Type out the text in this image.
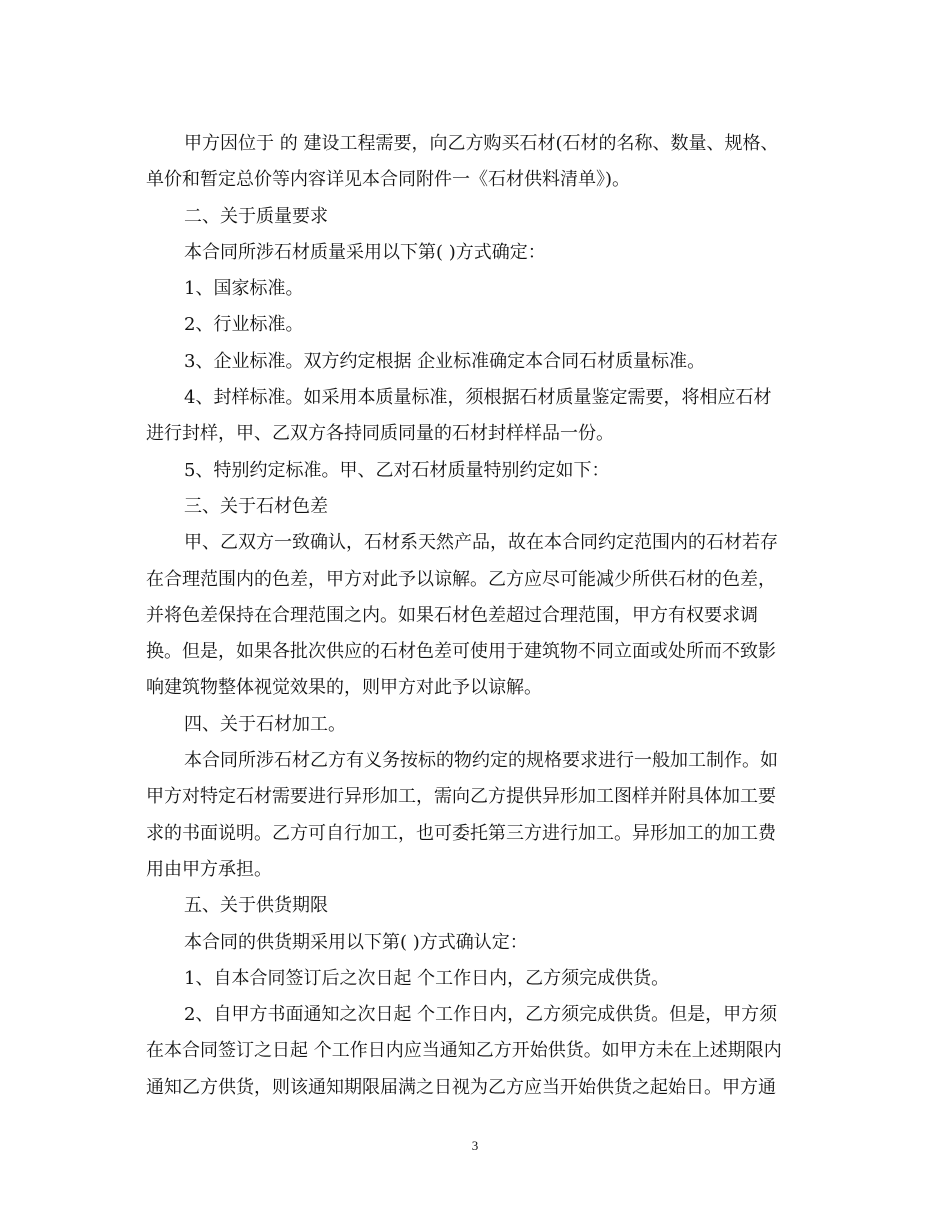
甲方因位于 的 建设工程需要，向乙方购买石材(石材的名称、数量、规格、
单价和暂定总价等内容详见本合同附件一《石材供料清单》)。
二、关于质量要求
本合同所涉石材质量采用以下第( )方式确定：
1、国家标准。
2、行业标准。
3、企业标准。双方约定根据 企业标准确定本合同石材质量标准。
4、封样标准。如采用本质量标准，须根据石材质量鉴定需要，将相应石材
进行封样，甲、乙双方各持同质同量的石材封样样品一份。
5、特别约定标准。甲、乙对石材质量特别约定如下：
三、关于石材色差
甲、乙双方一致确认，石材系天然产品，故在本合同约定范围内的石材若存
在合理范围内的色差，甲方对此予以谅解。乙方应尽可能减少所供石材的色差，
并将色差保持在合理范围之内。如果石材色差超过合理范围，甲方有权要求调
换。但是，如果各批次供应的石材色差可使用于建筑物不同立面或处所而不致影
响建筑物整体视觉效果的，则甲方对此予以谅解。
四、关于石材加工。
本合同所涉石材乙方有义务按标的物约定的规格要求进行一般加工制作。如
甲方对特定石材需要进行异形加工，需向乙方提供异形加工图样并附具体加工要
求的书面说明。乙方可自行加工，也可委托第三方进行加工。异形加工的加工费
用由甲方承担。
五、关于供货期限
本合同的供货期采用以下第( )方式确认定：
1、自本合同签订后之次日起 个工作日内，乙方须完成供货。
2、自甲方书面通知之次日起 个工作日内，乙方须完成供货。但是，甲方须
在本合同签订之日起 个工作日内应当通知乙方开始供货。如甲方未在上述期限内
通知乙方供货，则该通知期限届满之日视为乙方应当开始供货之起始日。甲方通
3
